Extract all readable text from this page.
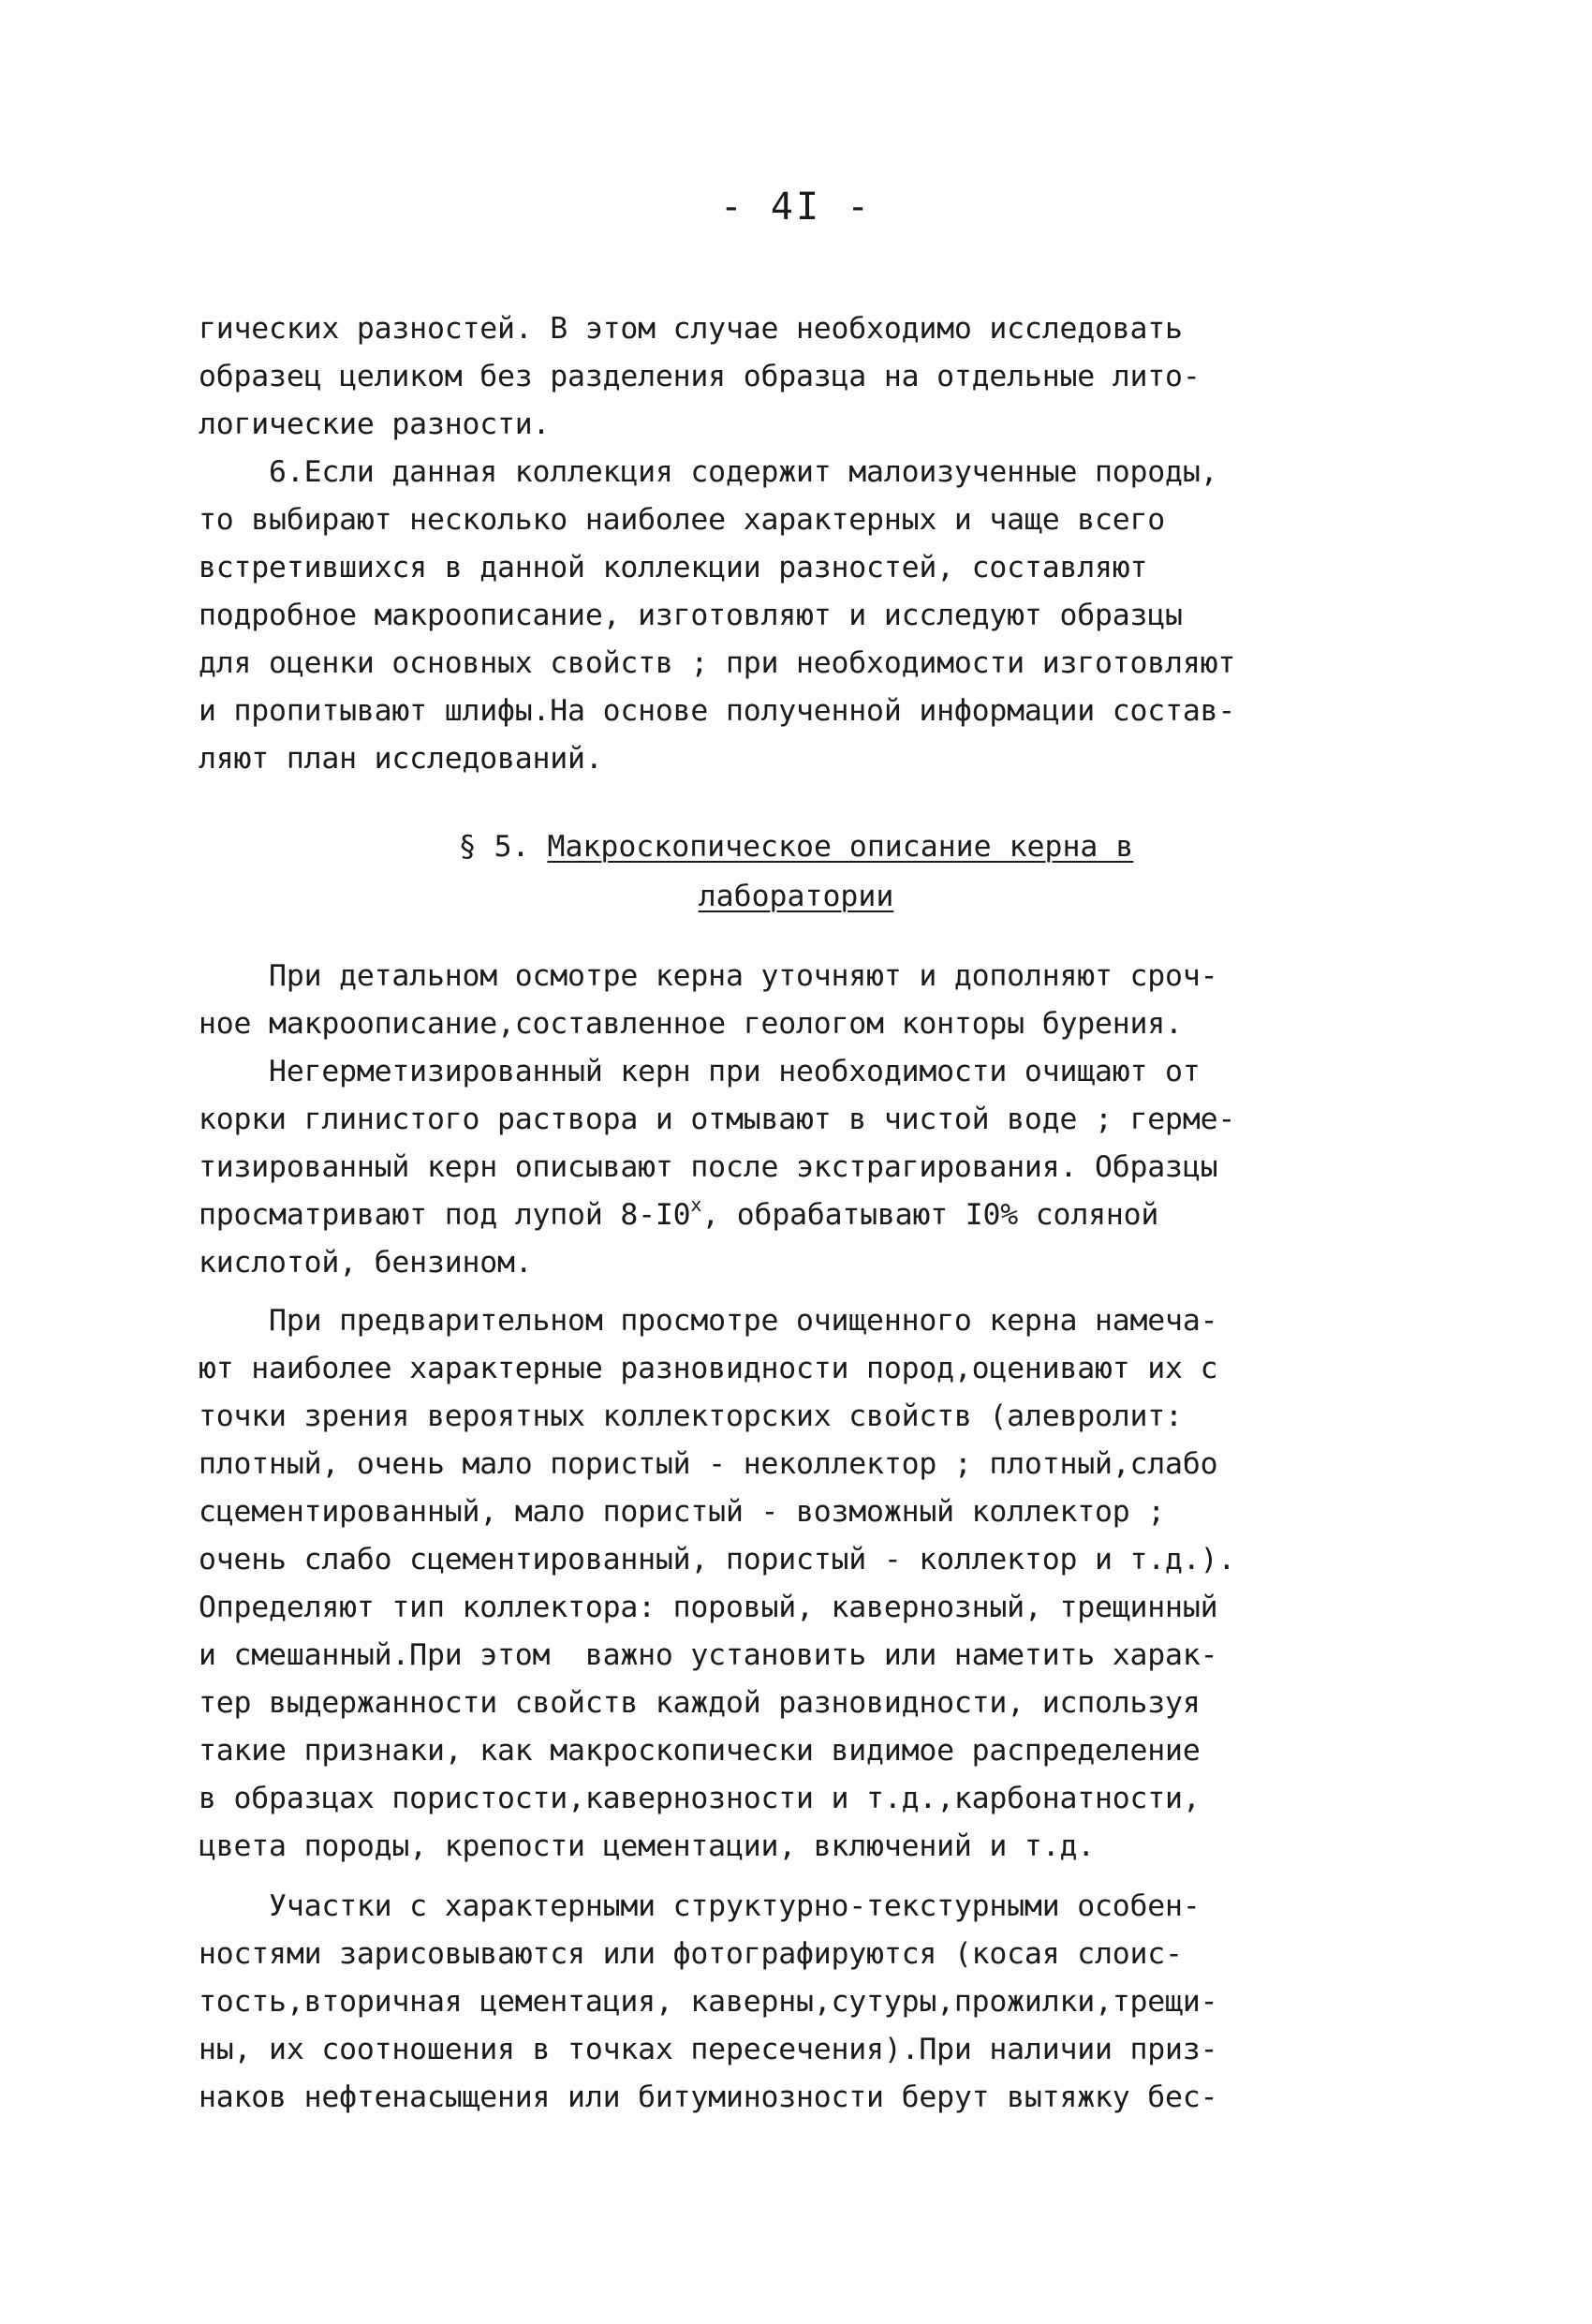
- 4I -
гических разностей. В этом случае необходимо исследовать
образец целиком без разделения образца на отдельные лито-
логические разности.
6.Если данная коллекция содержит малоизученные породы,
то выбирают несколько наиболее характерных и чаще всего
встретившихся в данной коллекции разностей, составляют
подробное макроописание, изготовляют и исследуют образцы
для оценки основных свойств ; при необходимости изготовляют
и пропитывают шлифы.На основе полученной информации состав-
ляют план исследований.
§ 5. Макроскопическое описание керна в
лаборатории
При детальном осмотре керна уточняют и дополняют сроч-
ное макроописание,составленное геологом конторы бурения.
Негерметизированный керн при необходимости очищают от
корки глинистого раствора и отмывают в чистой воде ; герме-
тизированный керн описывают после экстрагирования. Образцы
просматривают под лупой $8-I0^х$, обрабатывают I0% соляной
кислотой, бензином.
При предварительном просмотре очищенного керна намеча-
ют наиболее характерные разновидности пород,оценивают их с
точки зрения вероятных коллекторских свойств (алевролит:
плотный, очень мало пористый - неколлектор ; плотный,слабо
сцементированный, мало пористый - возможный коллектор ;
очень слабо сцементированный, пористый - коллектор и т.д.).
Определяют тип коллектора: поровый, кавернозный, трещинный
и смешанный.При этом  важно установить или наметить харак-
тер выдержанности свойств каждой разновидности, используя
такие признаки, как макроскопически видимое распределение
в образцах пористости,кавернозности и т.д.,карбонатности,
цвета породы, крепости цементации, включений и т.д.
Участки с характерными структурно-текстурными особен-
ностями зарисовываются или фотографируются (косая слоис-
тость,вторичная цементация, каверны,сутуры,прожилки,трещи-
ны, их соотношения в точках пересечения).При наличии приз-
наков нефтенасыщения или битуминозности берут вытяжку бес-
